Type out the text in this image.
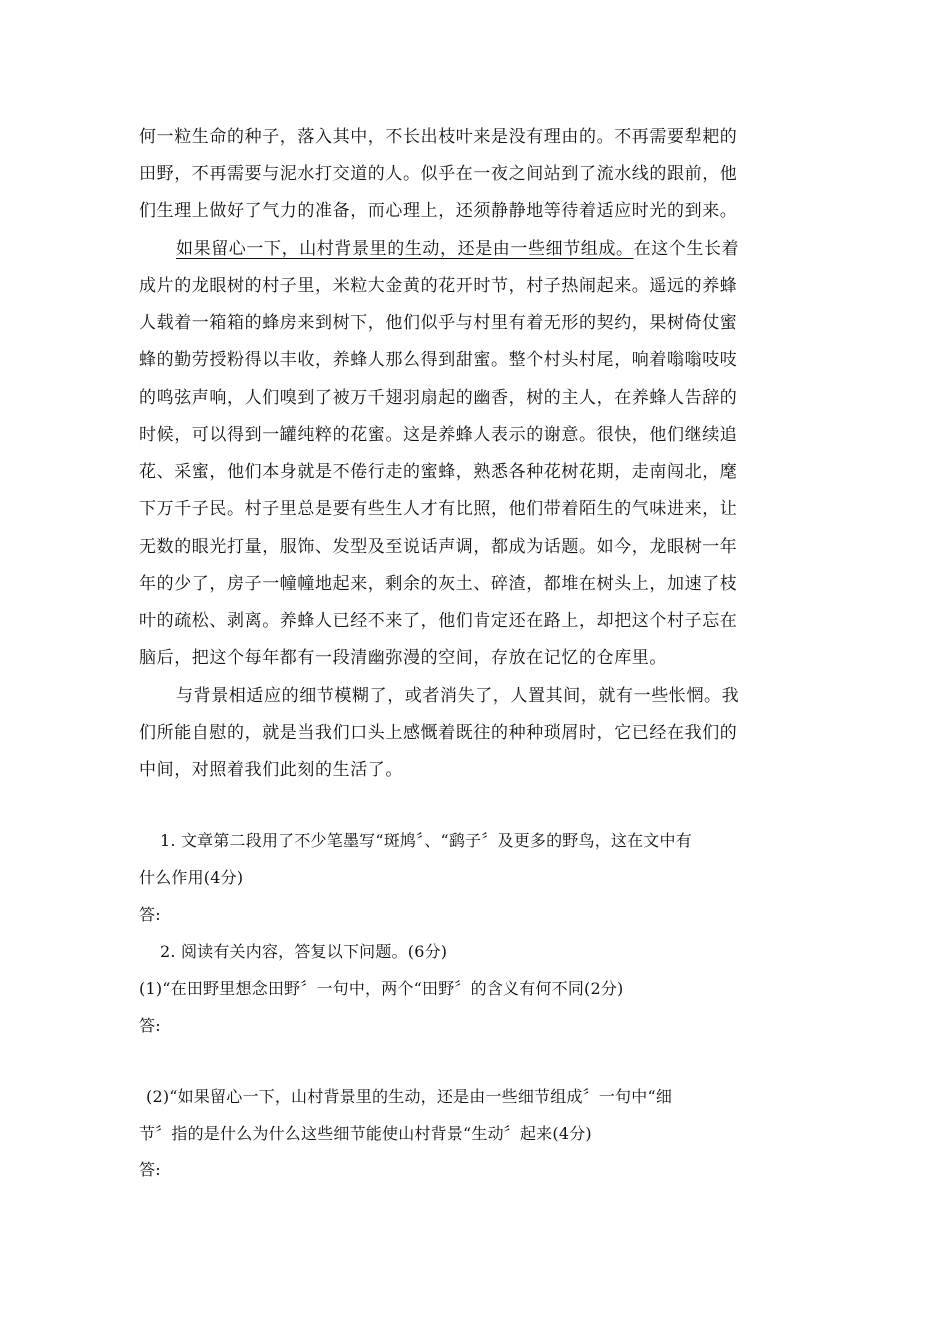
何一粒生命的种子，落入其中，不长出枝叶来是没有理由的。不再需要犁耙的
田野，不再需要与泥水打交道的人。似乎在一夜之间站到了流水线的跟前，他
们生理上做好了气力的准备，而心理上，还须静静地等待着适应时光的到来。
如果留心一下，山村背景里的生动，还是由一些细节组成。在这个生长着
成片的龙眼树的村子里，米粒大金黄的花开时节，村子热闹起来。遥远的养蜂
人载着一箱箱的蜂房来到树下，他们似乎与村里有着无形的契约，果树倚仗蜜
蜂的勤劳授粉得以丰收，养蜂人那么得到甜蜜。整个村头村尾，响着嗡嗡吱吱
的鸣弦声响，人们嗅到了被万千翅羽扇起的幽香，树的主人，在养蜂人告辞的
时候，可以得到一罐纯粹的花蜜。这是养蜂人表示的谢意。很快，他们继续追
花、采蜜，他们本身就是不倦行走的蜜蜂，熟悉各种花树花期，走南闯北，麾
下万千子民。村子里总是要有些生人才有比照，他们带着陌生的气味进来，让
无数的眼光打量，服饰、发型及至说话声调，都成为话题。如今，龙眼树一年
年的少了，房子一幢幢地起来，剩余的灰土、碎渣，都堆在树头上，加速了枝
叶的疏松、剥离。养蜂人已经不来了，他们肯定还在路上，却把这个村子忘在
脑后，把这个每年都有一段清幽弥漫的空间，存放在记忆的仓库里。
与背景相适应的细节模糊了，或者消失了，人置其间，就有一些怅惘。我
们所能自慰的，就是当我们口头上感慨着既往的种种琐屑时，它已经在我们的
中间，对照着我们此刻的生活了。
1. 文章第二段用了不少笔墨写“斑鸠〞、“鹞子〞及更多的野鸟，这在文中有
什么作用(4分)
答:
2. 阅读有关内容，答复以下问题。(6分)
(1)“在田野里想念田野〞一句中，两个“田野〞的含义有何不同(2分)
答:
(2)“如果留心一下，山村背景里的生动，还是由一些细节组成〞一句中“细
节〞指的是什么为什么这些细节能使山村背景“生动〞起来(4分)
答:
